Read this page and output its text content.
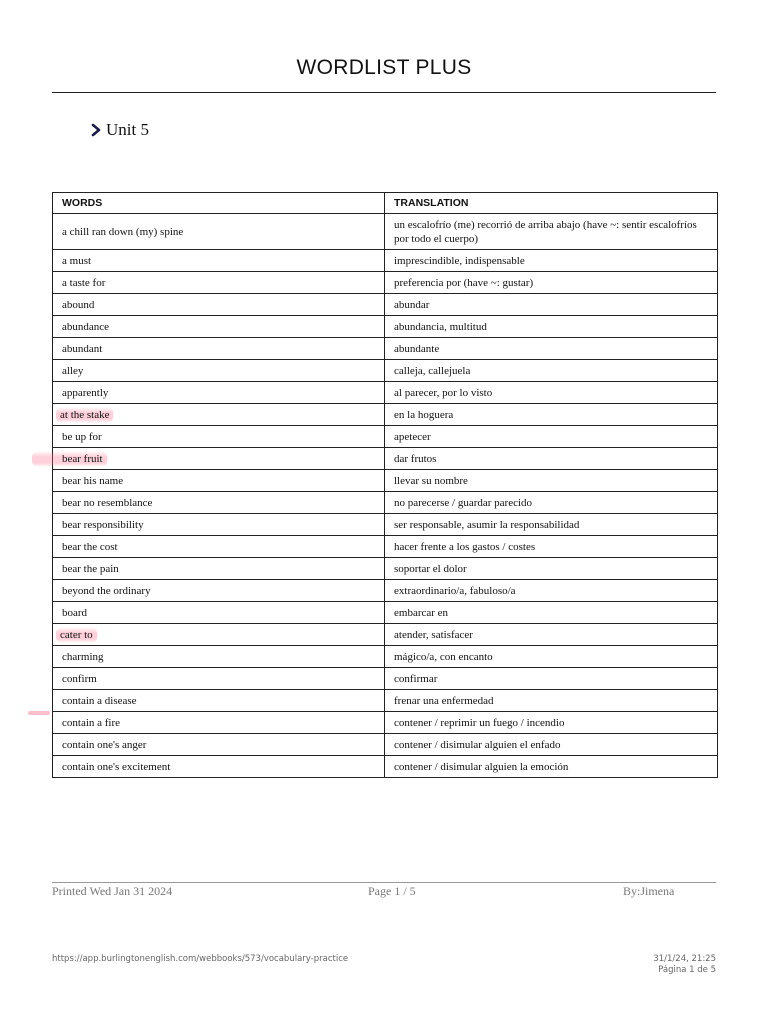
WORDLIST PLUS
Unit 5
WORDS	TRANSLATION
a chill ran down (my) spine	un escalofrío (me) recorrió de arriba abajo (have ~: sentir escalofríos por todo el cuerpo)
a must	imprescindible, indispensable
a taste for	preferencia por (have ~: gustar)
abound	abundar
abundance	abundancia, multitud
abundant	abundante
alley	calleja, callejuela
apparently	al parecer, por lo visto
at the stake	en la hoguera
be up for	apetecer
bear fruit	dar frutos
bear his name	llevar su nombre
bear no resemblance	no parecerse / guardar parecido
bear responsibility	ser responsable, asumir la responsabilidad
bear the cost	hacer frente a los gastos / costes
bear the pain	soportar el dolor
beyond the ordinary	extraordinario/a, fabuloso/a
board	embarcar en
cater to	atender, satisfacer
charming	mágico/a, con encanto
confirm	confirmar
contain a disease	frenar una enfermedad
contain a fire	contener / reprimir un fuego / incendio
contain one's anger	contener / disimular alguien el enfado
contain one's excitement	contener / disimular alguien la emoción
Printed Wed Jan 31 2024	Page 1 / 5	By:Jimena
https://app.burlingtonenglish.com/webbooks/573/vocabulary-practice	31/1/24, 21:25
Página 1 de 5
